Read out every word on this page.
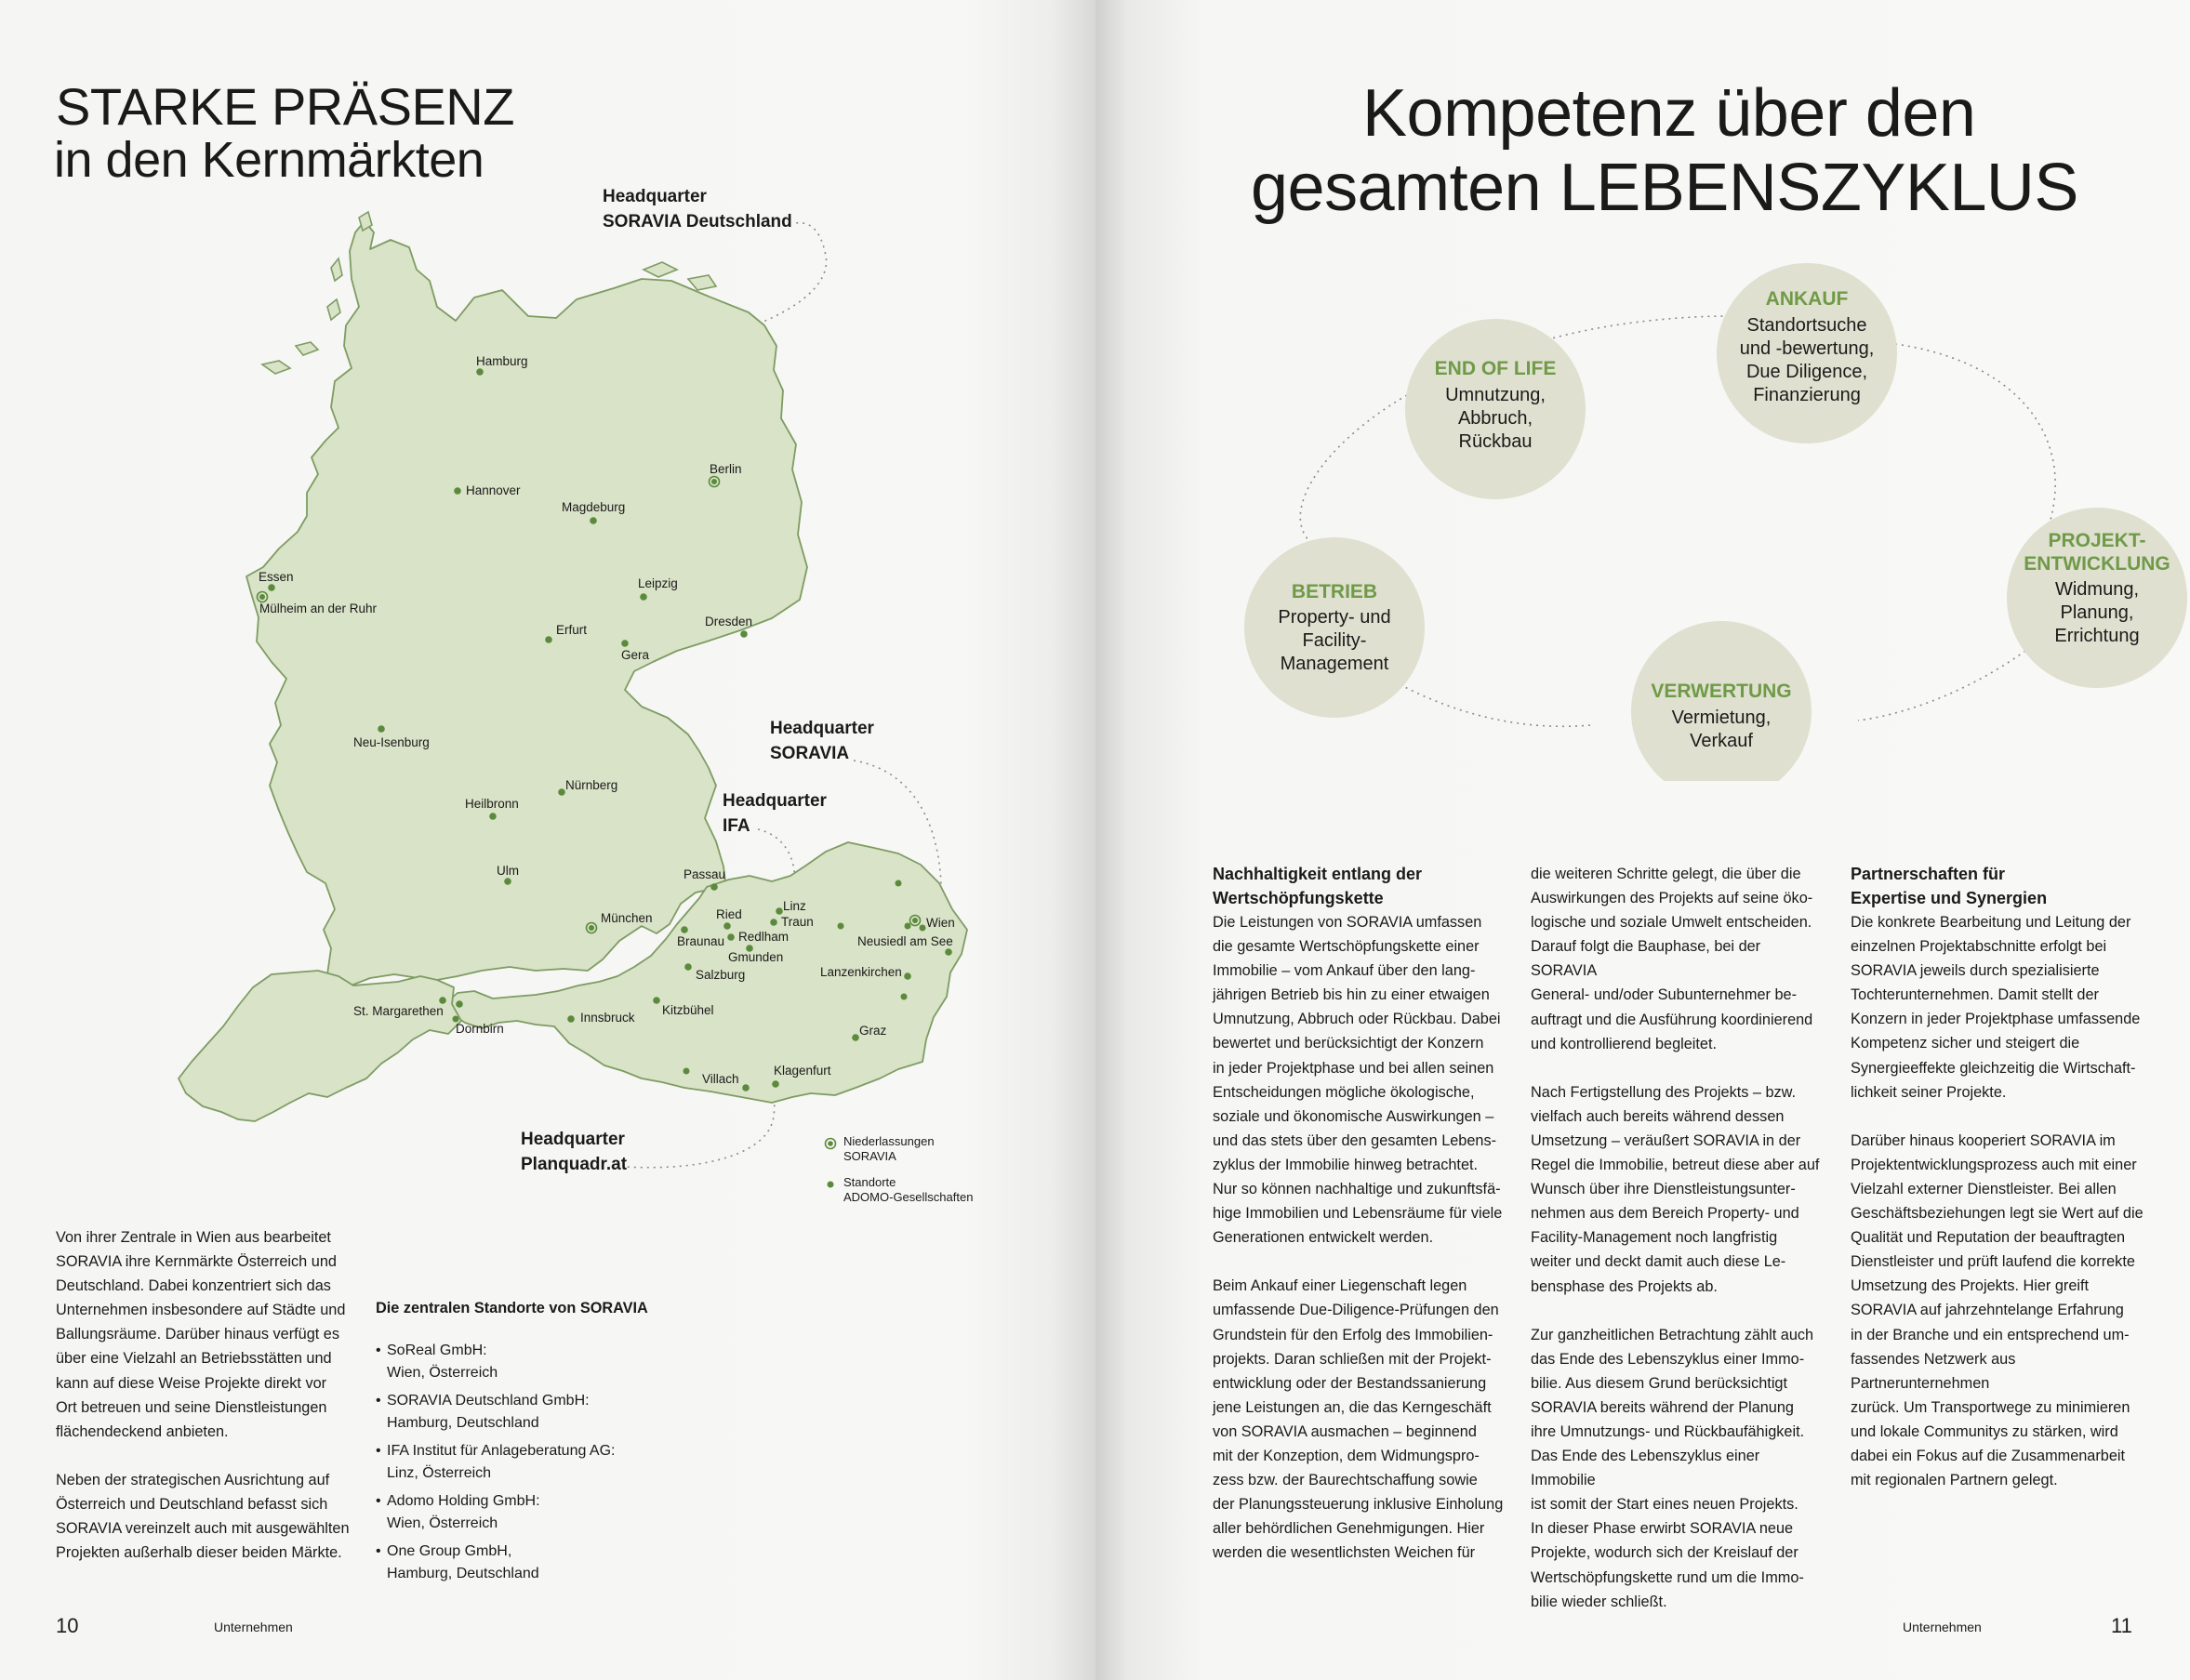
STARKE PRÄSENZ
in den Kernmärkten
Hamburg
Hannover
Berlin
Magdeburg
Essen
Mülheim an der Ruhr
Leipzig
Dresden
Erfurt
Gera
Neu-Isenburg
Nürnberg
Heilbronn
Ulm	Passau
München
Linz
Traun
Ried
Braunau Redlham
Gmunden
Salzburg
Wien
Neusiedl am See
Lanzenkirchen
St. Margarethen
Dornbirn
Innsbruck
Kitzbühel
Graz
Villach
Klagenfurt
Headquarter
SORAVIA Deutschland
Headquarter
SORAVIA
Headquarter
IFA
Headquarter
Planquadr.at
Niederlassungen
SORAVIA
Standorte
ADOMO-Gesellschaften
Von ihrer Zentrale in Wien aus bearbeitet
SORAVIA ihre Kernmärkte Österreich und
Deutschland. Dabei konzentriert sich das
Unternehmen insbesondere auf Städte und
Ballungsräume. Darüber hinaus verfügt es
über eine Vielzahl an Betriebsstätten und
kann auf diese Weise Projekte direkt vor
Ort betreuen und seine Dienstleistungen
flächendeckend anbieten.
Neben der strategischen Ausrichtung auf
Österreich und Deutschland befasst sich
SORAVIA vereinzelt auch mit ausgewählten
Projekten außerhalb dieser beiden Märkte.
Die zentralen Standorte von SORAVIA
• SoReal GmbH:
Wien, Österreich
• SORAVIA Deutschland GmbH:
Hamburg, Deutschland
• IFA Institut für Anlageberatung AG:
Linz, Österreich
• Adomo Holding GmbH:
Wien, Österreich
• One Group GmbH,
Hamburg, Deutschland
10	Unternehmen
Kompetenz über den
gesamten LEBENSZYKLUS
ANKAUF
Standortsuche
und -bewertung,
Due Diligence,
Finanzierung
END OF LIFE
Umnutzung,
Abbruch,
Rückbau
PROJEKT-
ENTWICKLUNG
Widmung,
Planung,
Errichtung
BETRIEB
Property- und
Facility-
Management
VERWERTUNG
Vermietung,
Verkauf
Nachhaltigkeit entlang der
Wertschöpfungskette
Die Leistungen von SORAVIA umfassen
die gesamte Wertschöpfungskette einer
Immobilie – vom Ankauf über den lang-
jährigen Betrieb bis hin zu einer etwaigen
Umnutzung, Abbruch oder Rückbau. Dabei
bewertet und berücksichtigt der Konzern
in jeder Projektphase und bei allen seinen
Entscheidungen mögliche ökologische,
soziale und ökonomische Auswirkungen –
und das stets über den gesamten Lebens-
zyklus der Immobilie hinweg betrachtet.
Nur so können nachhaltige und zukunftsfä-
hige Immobilien und Lebensräume für viele
Generationen entwickelt werden.
Beim Ankauf einer Liegenschaft legen
umfassende Due-Diligence-Prüfungen den
Grundstein für den Erfolg des Immobilien-
projekts. Daran schließen mit der Projekt-
entwicklung oder der Bestandssanierung
jene Leistungen an, die das Kerngeschäft
von SORAVIA ausmachen – beginnend
mit der Konzeption, dem Widmungspro-
zess bzw. der Baurechtschaffung sowie
der Planungssteuerung inklusive Einholung
aller behördlichen Genehmigungen. Hier
werden die wesentlichsten Weichen für
die weiteren Schritte gelegt, die über die
Auswirkungen des Projekts auf seine öko-
logische und soziale Umwelt entscheiden.
Darauf folgt die Bauphase, bei der SORAVIA
General- und/oder Subunternehmer be-
auftragt und die Ausführung koordinierend
und kontrollierend begleitet.
Nach Fertigstellung des Projekts – bzw.
vielfach auch bereits während dessen
Umsetzung – veräußert SORAVIA in der
Regel die Immobilie, betreut diese aber auf
Wunsch über ihre Dienstleistungsunter-
nehmen aus dem Bereich Property- und
Facility-Management noch langfristig
weiter und deckt damit auch diese Le-
bensphase des Projekts ab.
Zur ganzheitlichen Betrachtung zählt auch
das Ende des Lebenszyklus einer Immo-
bilie. Aus diesem Grund berücksichtigt
SORAVIA bereits während der Planung
ihre Umnutzungs- und Rückbaufähigkeit.
Das Ende des Lebenszyklus einer Immobilie
ist somit der Start eines neuen Projekts.
In dieser Phase erwirbt SORAVIA neue
Projekte, wodurch sich der Kreislauf der
Wertschöpfungskette rund um die Immo-
bilie wieder schließt.
Partnerschaften für
Expertise und Synergien
Die konkrete Bearbeitung und Leitung der
einzelnen Projektabschnitte erfolgt bei
SORAVIA jeweils durch spezialisierte
Tochterunternehmen. Damit stellt der
Konzern in jeder Projektphase umfassende
Kompetenz sicher und steigert die
Synergieeffekte gleichzeitig die Wirtschaft-
lichkeit seiner Projekte.
Darüber hinaus kooperiert SORAVIA im
Projektentwicklungsprozess auch mit einer
Vielzahl externer Dienstleister. Bei allen
Geschäftsbeziehungen legt sie Wert auf die
Qualität und Reputation der beauftragten
Dienstleister und prüft laufend die korrekte
Umsetzung des Projekts. Hier greift
SORAVIA auf jahrzehntelange Erfahrung
in der Branche und ein entsprechend um-
fassendes Netzwerk aus Partnerunternehmen
zurück. Um Transportwege zu minimieren
und lokale Communitys zu stärken, wird
dabei ein Fokus auf die Zusammenarbeit
mit regionalen Partnern gelegt.
Unternehmen	11
